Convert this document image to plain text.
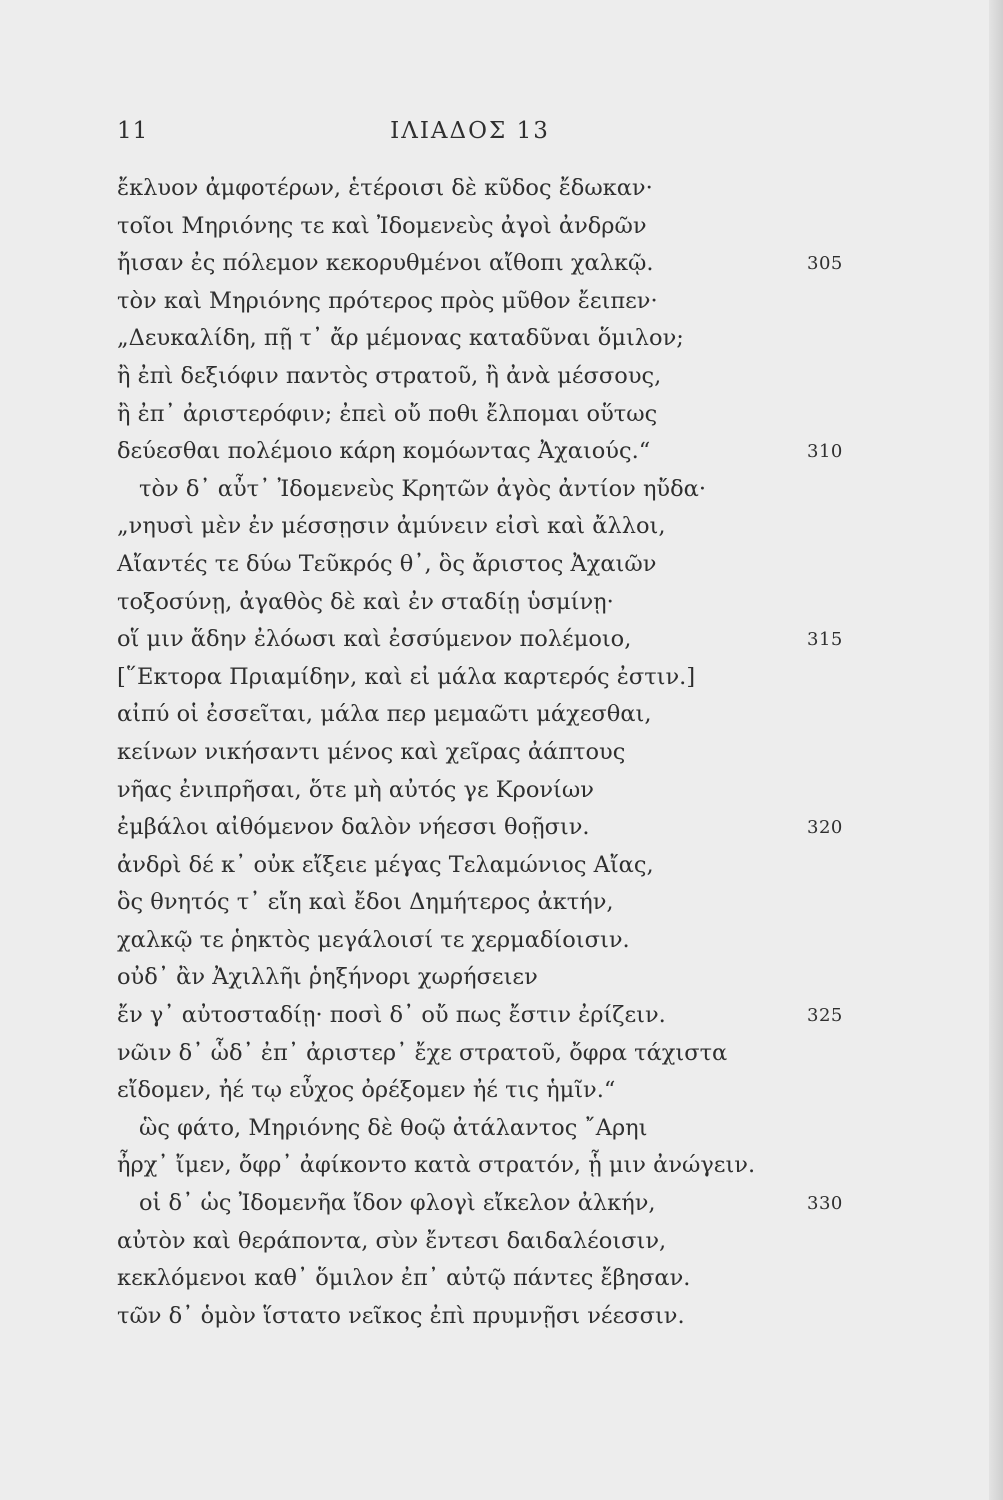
11	ΙΛΙΑΔΟΣ 13
ἔκλυον ἀμφοτέρων, ἑτέροισι δὲ κῦδος ἔδωκαν·
τοῖοι Μηριόνης τε καὶ Ἰδομενεὺς ἀγοὶ ἀνδρῶν
ἤισαν ἐς πόλεμον κεκορυθμένοι αἴθοπι χαλκῷ.	305
τὸν καὶ Μηριόνης πρότερος πρὸς μῦθον ἔειπεν·
„Δευκαλίδη, πῇ τ᾽ ἄρ μέμονας καταδῦναι ὅμιλον;
ἢ ἐπὶ δεξιόφιν παντὸς στρατοῦ, ἢ ἀνὰ μέσσους,
ἢ ἐπ᾽ ἀριστερόφιν; ἐπεὶ οὔ ποθι ἔλπομαι οὕτως
δεύεσθαι πολέμοιο κάρη κομόωντας Ἀχαιούς.“	310
τὸν δ᾽ αὖτ᾽ Ἰδομενεὺς Κρητῶν ἀγὸς ἀντίον ηὔδα·
„νηυσὶ μὲν ἐν μέσσῃσιν ἀμύνειν εἰσὶ καὶ ἄλλοι,
Αἴαντές τε δύω Τεῦκρός θ᾽, ὃς ἄριστος Ἀχαιῶν
τοξοσύνῃ, ἀγαθὸς δὲ καὶ ἐν σταδίῃ ὑσμίνῃ·
οἵ μιν ἅδην ἐλόωσι καὶ ἐσσύμενον πολέμοιο,	315
[῞Εκτορα Πριαμίδην, καὶ εἰ μάλα καρτερός ἐστιν.]
αἰπύ οἱ ἐσσεῖται, μάλα περ μεμαῶτι μάχεσθαι,
κείνων νικήσαντι μένος καὶ χεῖρας ἀάπτους
νῆας ἐνιπρῆσαι, ὅτε μὴ αὐτός γε Κρονίων
ἐμβάλοι αἰθόμενον δαλὸν νήεσσι θοῇσιν.	320
ἀνδρὶ δέ κ᾽ οὐκ εἴξειε μέγας Τελαμώνιος Αἴας,
ὃς θνητός τ᾽ εἴη καὶ ἔδοι Δημήτερος ἀκτήν,
χαλκῷ τε ῥηκτὸς μεγάλοισί τε χερμαδίοισιν.
οὐδ᾽ ἂν Ἀχιλλῆι ῥηξήνορι χωρήσειεν
ἔν γ᾽ αὐτοσταδίῃ· ποσὶ δ᾽ οὔ πως ἔστιν ἐρίζειν.	325
νῶιν δ᾽ ὧδ᾽ ἐπ᾽ ἀριστερ᾽ ἔχε στρατοῦ, ὄφρα τάχιστα
εἴδομεν, ἠέ τῳ εὖχος ὀρέξομεν ἠέ τις ἡμῖν.“
ὣς φάτο, Μηριόνης δὲ θοῷ ἀτάλαντος ῎Αρηι
ἦρχ᾽ ἴμεν, ὄφρ᾽ ἀφίκοντο κατὰ στρατόν, ᾗ μιν ἀνώγειν.
οἱ δ᾽ ὡς Ἰδομενῆα ἴδον φλογὶ εἴκελον ἀλκήν,	330
αὐτὸν καὶ θεράποντα, σὺν ἔντεσι δαιδαλέοισιν,
κεκλόμενοι καθ᾽ ὅμιλον ἐπ᾽ αὐτῷ πάντες ἔβησαν.
τῶν δ᾽ ὁμὸν ἵστατο νεῖκος ἐπὶ πρυμνῇσι νέεσσιν.
